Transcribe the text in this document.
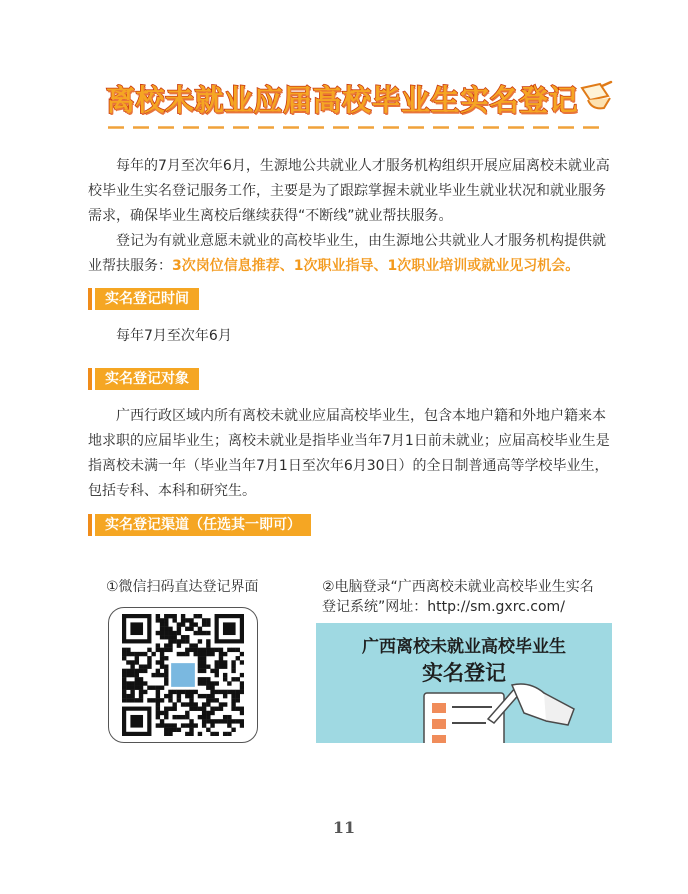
离校未就业应届高校毕业生实名登记

每年的7月至次年6月，生源地公共就业人才服务机构组织开展应届离校未就业高校毕业生实名登记服务工作，主要是为了跟踪掌握未就业毕业生就业状况和就业服务需求，确保毕业生离校后继续获得“不断线”就业帮扶服务。

登记为有就业意愿未就业的高校毕业生，由生源地公共就业人才服务机构提供就业帮扶服务：3次岗位信息推荐、1次职业指导、1次职业培训或就业见习机会。

实名登记时间
每年7月至次年6月
实名登记对象
广西行政区域内所有离校未就业应届高校毕业生，包含本地户籍和外地户籍来本地求职的应届毕业生；离校未就业是指毕业当年7月1日前未就业；应届高校毕业生是指离校未满一年（毕业当年7月1日至次年6月30日）的全日制普通高等学校毕业生，包括专科、本科和研究生。
实名登记渠道（任选其一即可）
①微信扫码直达登记界面	②电脑登录“广西离校未就业高校毕业生实名
登记系统”网址：http://sm.gxrc.com/
广西离校未就业高校毕业生
实名登记
11
